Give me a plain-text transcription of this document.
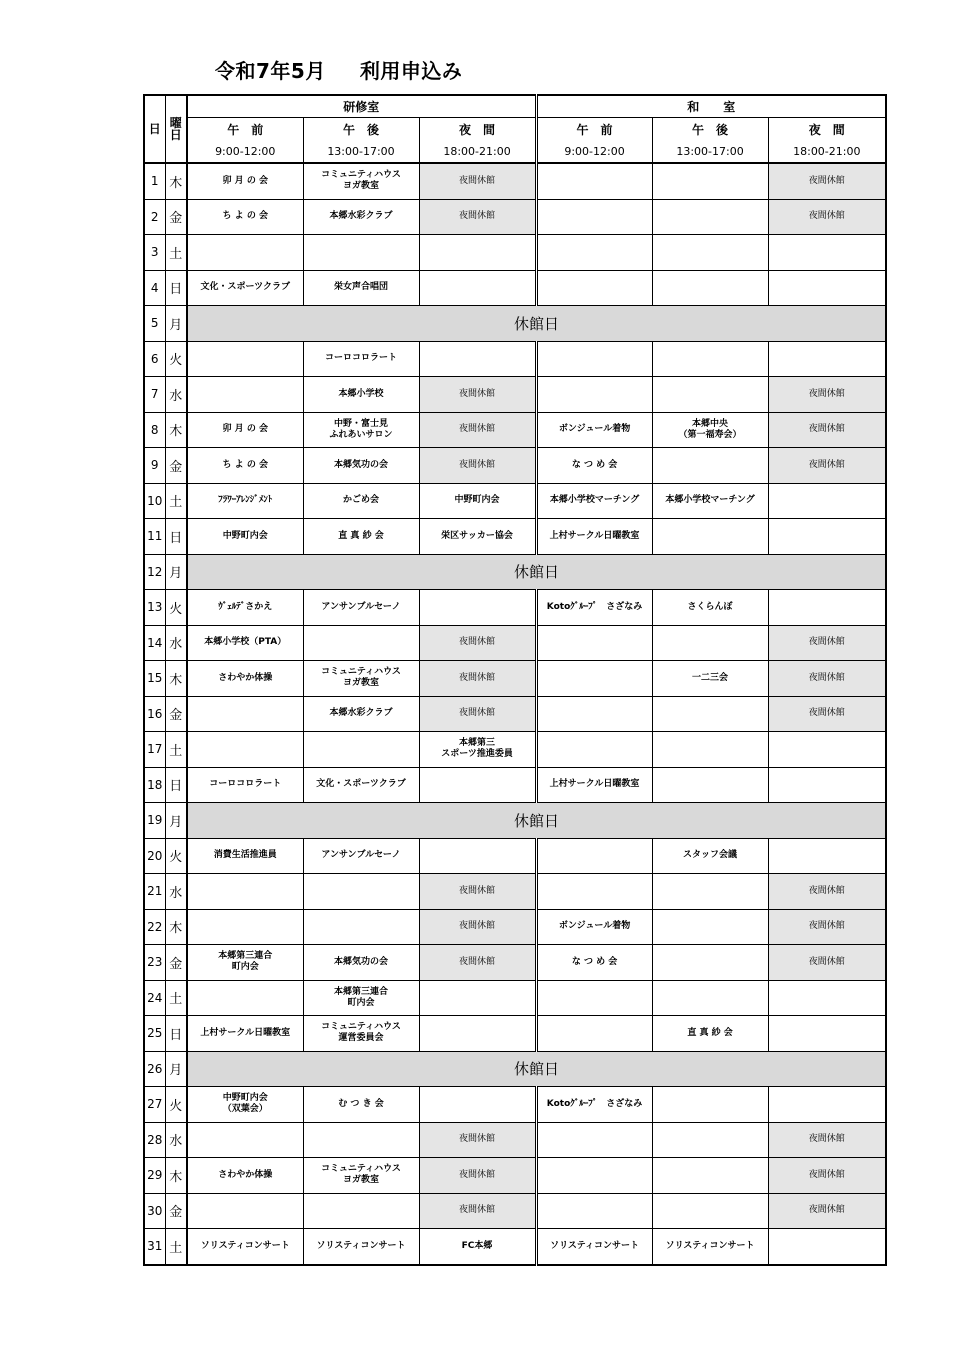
令和7年5月 利用申込み
日	曜
日	研修室			和　　室		
		午　前	午　後	夜　間	午　前	午　後	夜　間
		9:00-12:00	13:00-17:00	18:00-21:00	9:00-12:00	13:00-17:00	18:00-21:00
1	木	卯 月 の 会	コミュニティハウス
ヨガ教室	夜間休館			夜間休館
2	金	ち よ の 会	本郷水彩クラブ	夜間休館			夜間休館
3	土						
4	日	文化・スポーツクラブ	栄女声合唱団				
5	月	休館日					
6	火		コーロコロラート				
7	水		本郷小学校	夜間休館			夜間休館
8	木	卯 月 の 会	中野・富士見
ふれあいサロン	夜間休館	ボンジュール着物	本郷中央
（第一福寿会）	夜間休館
9	金	ち よ の 会	本郷気功の会	夜間休館	な つ め 会		夜間休館
10	土	ﾌﾗﾜｰｱﾚﾝｼﾞﾒﾝﾄ	かごめ会	中野町内会	本郷小学校マーチング	本郷小学校マーチング	
11	日	中野町内会	直 真 紗 会	栄区サッカー協会	上村サークル日曜教室		
12	月	休館日					
13	火	ｳﾞｪﾙﾃﾞさかえ	アンサンブルセーノ		Kotoｸﾞﾙｰﾌﾟ　さざなみ	さくらんぼ	
14	水	本郷小学校（PTA）		夜間休館			夜間休館
15	木	さわやか体操	コミュニティハウス
ヨガ教室	夜間休館		一二三会	夜間休館
16	金		本郷水彩クラブ	夜間休館			夜間休館
17	土			本郷第三
スポーツ推進委員			
18	日	コーロコロラート	文化・スポーツクラブ		上村サークル日曜教室		
19	月	休館日					
20	火	消費生活推進員	アンサンブルセーノ			スタッフ会議	
21	水			夜間休館			夜間休館
22	木			夜間休館	ボンジュール着物		夜間休館
23	金	本郷第三連合
町内会	本郷気功の会	夜間休館	な つ め 会		夜間休館
24	土		本郷第三連合
町内会				
25	日	上村サークル日曜教室	コミュニティハウス
運営委員会			直 真 紗 会	
26	月	休館日					
27	火	中野町内会
（双葉会）	む つ き 会		Kotoｸﾞﾙｰﾌﾟ　さざなみ		
28	水			夜間休館			夜間休館
29	木	さわやか体操	コミュニティハウス
ヨガ教室	夜間休館			夜間休館
30	金			夜間休館			夜間休館
31	土	ソリスティコンサート	ソリスティコンサート	FC本郷	ソリスティコンサート	ソリスティコンサート	
